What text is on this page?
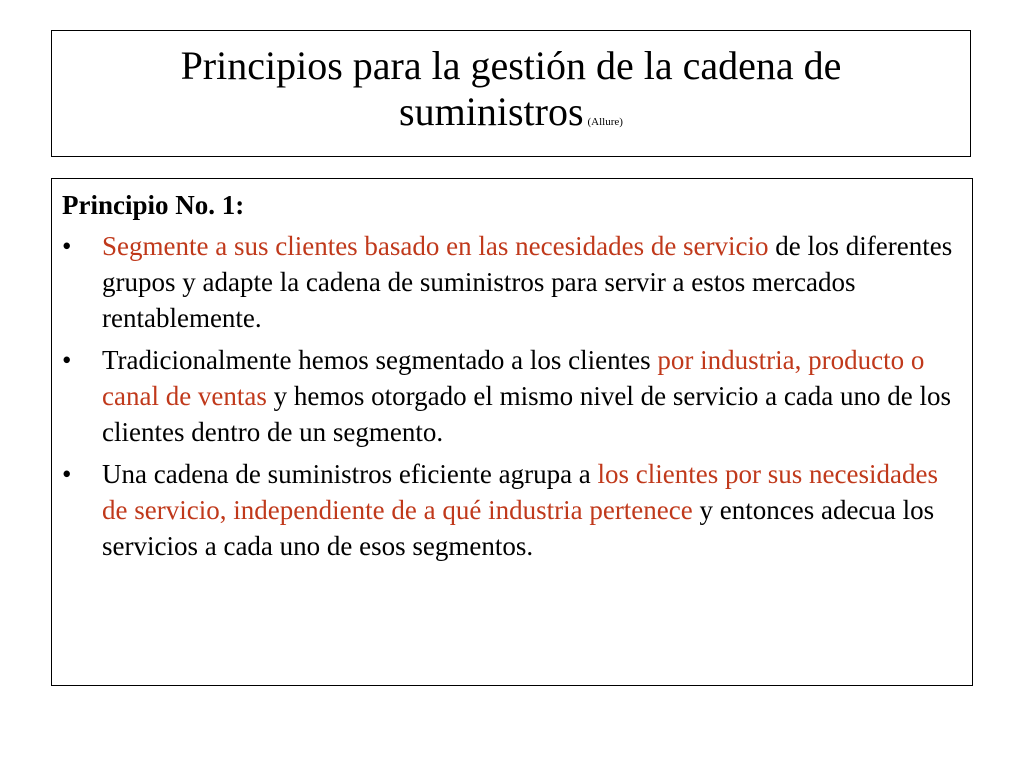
Principios para la gestión de la cadena de
suministros (Allure)
Principio No. 1:
•	Segmente a sus clientes basado en las necesidades de servicio de los diferentes grupos y adapte la cadena de suministros para servir a estos mercados rentablemente.
•	Tradicionalmente hemos segmentado a los clientes por industria, producto o canal de ventas y hemos otorgado el mismo nivel de servicio a cada uno de los clientes dentro de un segmento.
•	Una cadena de suministros eficiente agrupa a los clientes por sus necesidades de servicio, independiente de a qué industria pertenece y entonces adecua los servicios a cada uno de esos segmentos.
